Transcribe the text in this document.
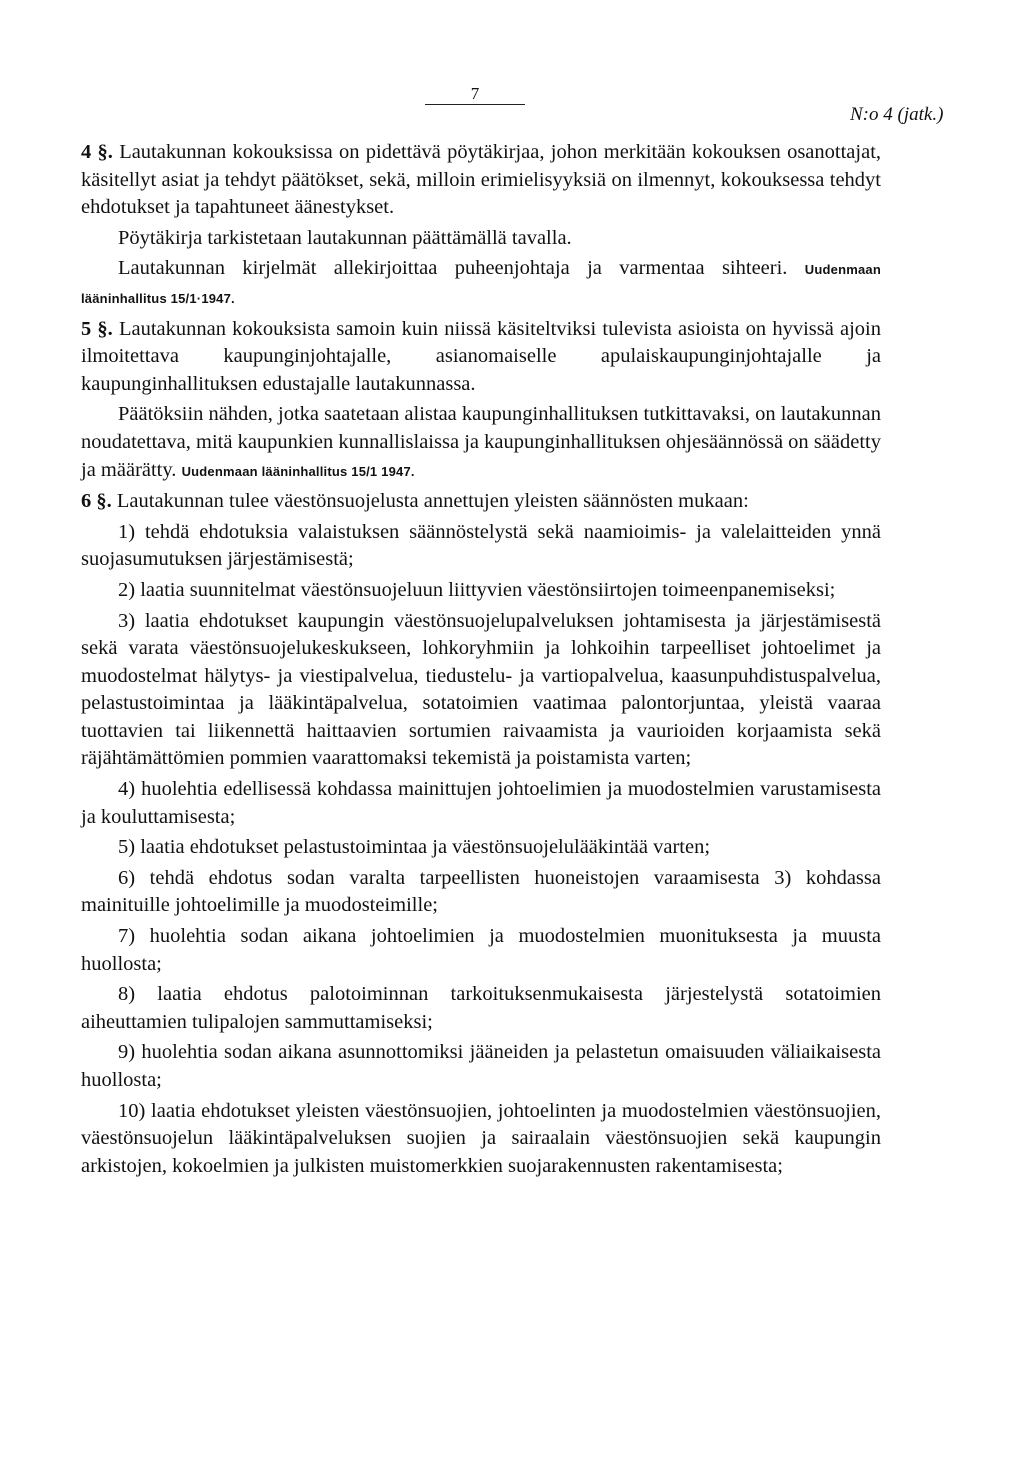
7
N:o 4 (jatk.)

4 §. Lautakunnan kokouksissa on pidettävä pöytäkirjaa, johon merkitään kokouksen osanottajat, käsitellyt asiat ja tehdyt päätökset, sekä, milloin erimielisyyksiä on ilmennyt, kokouksessa tehdyt ehdotukset ja tapahtuneet äänestykset.

Pöytäkirja tarkistetaan lautakunnan päättämällä tavalla.

Lautakunnan kirjelmät allekirjoittaa puheenjohtaja ja varmentaa sihteeri. Uudenmaan lääninhallitus 15/1·1947.

5 §. Lautakunnan kokouksista samoin kuin niissä käsiteltviksi tulevista asioista on hyvissä ajoin ilmoitettava kaupunginjohtajalle, asianomaiselle apulaiskaupunginjohtajalle ja kaupunginhallituksen edustajalle lautakunnassa.

Päätöksiin nähden, jotka saatetaan alistaa kaupunginhallituksen tutkittavaksi, on lautakunnan noudatettava, mitä kaupunkien kunnallislaissa ja kaupunginhallituksen ohjesäännössä on säädetty ja määrätty. Uudenmaan lääninhallitus 15/1 1947.

6 §. Lautakunnan tulee väestönsuojelusta annettujen yleisten säännösten mukaan:

1) tehdä ehdotuksia valaistuksen säännöstelystä sekä naamioimis- ja valelaitteiden ynnä suojasumutuksen järjestämisestä;

2) laatia suunnitelmat väestönsuojeluun liittyvien väestönsiirtojen toimeenpanemiseksi;

3) laatia ehdotukset kaupungin väestönsuojelupalveluksen johtamisesta ja järjestämisestä sekä varata väestönsuojelukeskukseen, lohkoryhmiin ja lohkoihin tarpeelliset johtoelimet ja muodostelmat hälytys- ja viestipalvelua, tiedustelu- ja vartiopalvelua, kaasunpuhdistuspalvelua, pelastustoimintaa ja lääkintäpalvelua, sotatoimien vaatimaa palontorjuntaa, yleistä vaaraa tuottavien tai liikennettä haittaavien sortumien raivaamista ja vaurioiden korjaamista sekä räjähtämättömien pommien vaarattomaksi tekemistä ja poistamista varten;

4) huolehtia edellisessä kohdassa mainittujen johtoelimien ja muodostelmien varustamisesta ja kouluttamisesta;

5) laatia ehdotukset pelastustoimintaa ja väestönsuojelulääkintää varten;

6) tehdä ehdotus sodan varalta tarpeellisten huoneistojen varaamisesta 3) kohdassa mainituille johtoelimille ja muodosteimille;

7) huolehtia sodan aikana johtoelimien ja muodostelmien muonituksesta ja muusta huollosta;

8) laatia ehdotus palotoiminnan tarkoituksenmukaisesta järjestelystä sotatoimien aiheuttamien tulipalojen sammuttamiseksi;

9) huolehtia sodan aikana asunnottomiksi jääneiden ja pelastetun omaisuuden väliaikaisesta huollosta;

10) laatia ehdotukset yleisten väestönsuojien, johtoelinten ja muodostelmien väestönsuojien, väestönsuojelun lääkintäpalveluksen suojien ja sairaalain väestönsuojien sekä kaupungin arkistojen, kokoelmien ja julkisten muistomerkkien suojarakennusten rakentamisesta;
